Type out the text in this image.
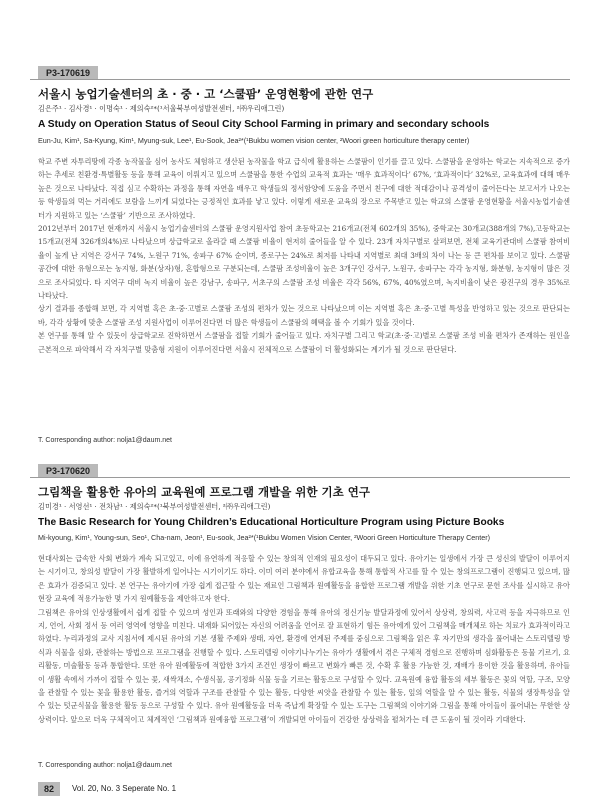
P3-170619
서울시 농업기술센터의 초 · 중 · 고 ‘스쿨팜’ 운영현황에 관한 연구
김은주¹ · 김사경¹ · 이명숙¹ · 제의숙²*(¹서울북부여성발전센터, ²㈜우리애그린)
A Study on Operation Status of Seoul City School Farming in primary and secondary schools
Eun-Ju, Kim¹, Sa-Kyung, Kim¹, Myung-suk, Lee¹, Eu-Sook, Jea²*(¹Bukbu women vision center, ²Woori green horticulture therapy center)

학교 주변 자투리땅에 각종 농작물을 심어 농사도 체험하고 생산된 농작물을 학교 급식에 활용하는 스쿨팜이 인기를 끌고 있다. 스쿨팜을 운영하는 학교는 지속적으로 증가하는 추세로 친환경·특별활동 등을 통해 교육이 이뤄지고 있으며 스쿨팜을 통한 수업의 교육적 효과는 ‘매우 효과적이다’ 67%, ‘효과적이다’ 32%로, 교육효과에 대해 매우 높은 것으로 나타났다. 직접 심고 수확하는 과정을 통해 자연을 배우고 학생들의 정서함양에 도움을 주면서 친구에 대한 적대감이나 공격성이 줄어든다는 보고서가 나오는 등 학생들의 먹는 거리에도 보람을 느끼게 되었다는 긍정적인 효과를 낳고 있다. 이렇게 새로운 교육의 장으로 주목받고 있는 학교의 스쿨팜 운영현황을 서울시농업기술센터가 지원하고 있는 ‘스쿨팜’ 기반으로 조사하였다.

2012년부터 2017년 현재까지 서울시 농업기술센터의 스쿨팜 운영지원사업 참여 초등학교는 216개교(전체 602개의 35%), 중학교는 30개교(388개의 7%),고등학교는 15개교(전체 326개의4%)로 나타났으며 상급학교로 올라갈 때 스쿨팜 비율이 현저히 줄어들을 알 수 있다. 23개 자치구별로 살펴보면, 전체 교육기관대비 스쿨팜 참여비율이 높게 난 지역은 강서구 74%, 노원구 71%, 송파구 67% 순이며, 종로구는 24%로 최저를 나타내 지역별로 최대 3배의 차이 나는 등 큰 편차를 보이고 있다. 스쿨팜 공간에 대한 유형으로는 농지형, 화분(상자)형, 혼합형으로 구분되는데, 스쿨팜 조성비율이 높은 3개구인 강서구, 노원구, 송파구는 각각 농지형, 화분형, 농지형이 많은 것으로 조사되었다. 타 지역구 대비 녹지 비율이 높은 강남구, 송파구, 서초구의 스쿨팜 조성 비율은 각각 56%, 67%, 40%였으며, 녹지비율이 낮은 광진구의 경우 35%로 나타났다.

상기 결과를 종합해 보면, 각 지역별 혹은 초·중·고별로 스쿨팜 조성의 편차가 있는 것으로 나타났으며 이는 지역별 혹은 초·중·고별 특성을 반영하고 있는 것으로 판단되는 바, 각각 상황에 맞춘 스쿨팜 조성 지원사업이 이루어진다면 더 많은 학생들이 스쿨팜의 혜택을 볼 수 기회가 있을 것이다.

본 연구를 통해 알 수 있듯이 상급학교로 진학하면서 스쿨팜을 접할 기회가 줄어들고 있다. 자치구별 그리고 학교(초·중·고)별로 스쿨팜 조성 비율 편차가 존재하는 원인을 근본적으로 파악해서 각 자치구별 맞춤형 지원이 이루어진다면 서울시 전체적으로 스쿨팜이 더 활성화되는 계기가 될 것으로 판단된다.

T. Corresponding author: nolja1@daum.net
P3-170620
그림책을 활용한 유아의 교육원예 프로그램 개발을 위한 기초 연구
김미경¹ · 서영선¹ · 전차남¹ · 제의숙²*(¹북부여성발전센터, ²㈜우리애그린)
The Basic Research for Young Children’s Educational Horticulture Program using Picture Books
Mi-kyoung, Kim¹, Young-sun, Seo¹, Cha-nam, Jeon¹, Eu-sook, Jea²*(¹Bukbu Women Vision Center, ²Woori Green Horticulture Therapy Center)

현대사회는 급속한 사회 변화가 계속 되고있고, 이에 유연하게 적응할 수 있는 창의적 인재의 필요성이 대두되고 있다. 유아기는 일생에서 가장 큰 성신의 발달이 이루어지는 시기이고, 창의성 발달이 가장 활발하게 일어나는 시기이기도 하다. 이미 여러 분야에서 유합교육을 통해 통합적 사고를 할 수 있는 창의프로그램이 진행되고 있으며, 많은 효과가 검증되고 있다. 본 연구는 유아기에 가장 쉽게 접근할 수 있는 재료인 그림책과 원예활동을 융합한 프로그램 개발을 위한 기초 연구로 문헌 조사를 실시하고 유아 현장 교육에 적용가능한 몇 가지 원예활동을 제안하고자 한다.

그림책은 유아의 인상생활에서 쉽게 접할 수 있으며 성인과 또래와의 다양한 경험을 통해 유아의 정신기능 발달과정에 있어서 상상력, 창의력, 사고력 등을 자극하므로 인지, 언어, 사회 정서 등 여러 영역에 영향을 미친다. 내재화 되어있는 자신의 어려움을 언어로 잘 표현하기 힘든 유아에게 있어 그림책을 매개체로 하는 치료가 효과적이라고 하였다. 누리과정의 교사 지침서에 제시된 유아의 기본 생활 주제와 생태, 자연, 환경에 연계된 주제를 중심으로 그림책을 읽은 후 자기만의 생각을 풀어내는 스토리텔링 방식과 식물을 심화, 관찰하는 방법으로 프로그램을 진행할 수 있다. 스토리텔링 이야기나누기는 유아가 생활에서 겪은 구체적 경험으로 진행하며 심화활동은 동물 기르기, 요리활동, 미술활동 등과 통합한다. 또한 유아 원예활동에 적합한 3가지 조건인 생장이 빠르고 변화가 빠른 것, 수확 후 활용 가능한 것, 재배가 용이한 것을 활용하며, 유아들이 생활 속에서 가까이 접할 수 있는 꽃, 새싹채소, 수생식물, 공기정화 식물 등을 기르는 활동으로 구성할 수 있다. 교육원예 융합 활동의 세부 활동은 꽃의 역할, 구조, 모양을 관찰할 수 있는 꽃을 활용한 활동, 즐거의 역할과 구조를 관찰할 수 있는 활동, 다양한 씨앗을 관찰할 수 있는 활동, 잎의 역할을 알 수 있는 활동, 식물의 생장특성을 알 수 있는 텃군식물을 활용한 활동 등으로 구성할 수 있다. 유아 원예활동을 더욱 즉납게 확장할 수 있는 도구는 그림책의 이야기와 그림을 통해 아이들이 풀어내는 무한한 상상력이다. 앞으로 더욱 구체적이고 체계적인 ‘그림책과 원예융합 프로그램’이 개발되면 아이들이 건강한 상상력을 펼쳐가는 데 큰 도움이 될 것이라 기대한다.

T. Corresponding author: nolja1@daum.net
82	Vol. 20, No. 3 Seperate No. 1
